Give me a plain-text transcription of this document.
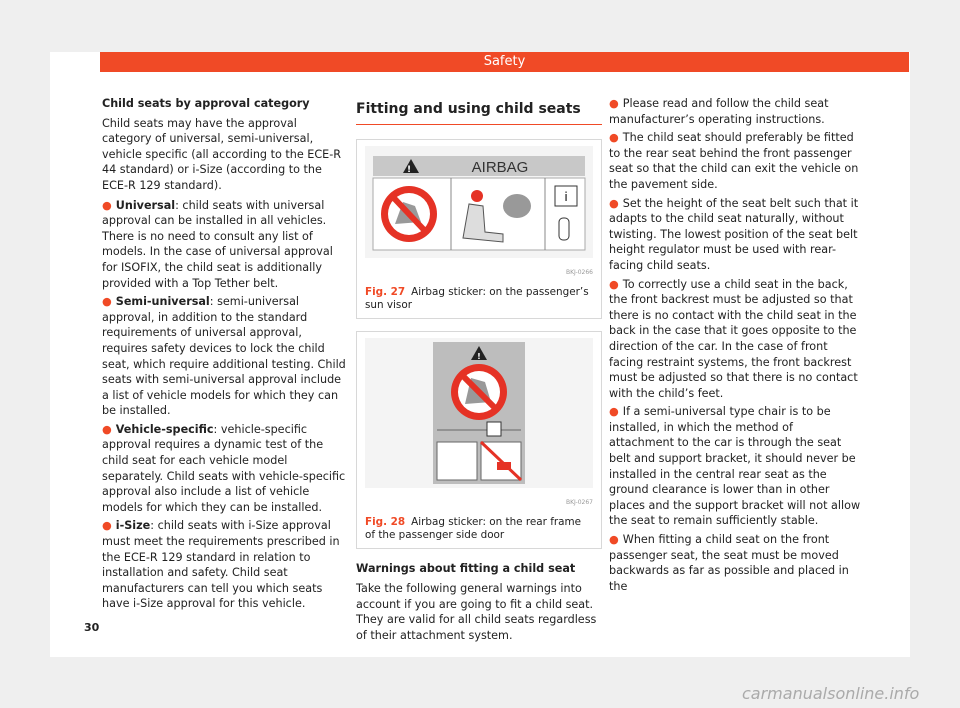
Safety
Child seats by approval category

Child seats may have the approval category of universal, semi-universal, vehicle specific (all according to the ECE-R 44 standard) or i-Size (according to the ECE-R 129 standard).

● Universal: child seats with universal approval can be installed in all vehicles. There is no need to consult any list of models. In the case of universal approval for ISOFIX, the child seat is additionally provided with a Top Tether belt.
● Semi-universal: semi-universal approval, in addition to the standard requirements of universal approval, requires safety devices to lock the child seat, which require additional testing. Child seats with semi-universal approval include a list of vehicle models for which they can be installed.
● Vehicle-specific: vehicle-specific approval requires a dynamic test of the child seat for each vehicle model separately. Child seats with vehicle-specific approval also include a list of vehicle models for which they can be installed.
● i-Size: child seats with i-Size approval must meet the requirements prescribed in the ECE-R 129 standard in relation to installation and safety. Child seat manufacturers can tell you which seats have i-Size approval for this vehicle.
Fitting and using child seats
!	AIRBAG
i
BKJ-0266
Fig. 27 Airbag sticker: on the passenger’s sun visor
!
BKJ-0267
Fig. 28 Airbag sticker: on the rear frame of the passenger side door
Warnings about fitting a child seat

Take the following general warnings into account if you are going to fit a child seat. They are valid for all child seats regardless of their attachment system.

● Please read and follow the child seat manufacturer’s operating instructions.
● The child seat should preferably be fitted to the rear seat behind the front passenger seat so that the child can exit the vehicle on the pavement side.
● Set the height of the seat belt such that it adapts to the child seat naturally, without twisting. The lowest position of the seat belt height regulator must be used with rear-facing child seats.
● To correctly use a child seat in the back, the front backrest must be adjusted so that there is no contact with the child seat in the back in the case that it goes opposite to the direction of the car. In the case of front facing restraint systems, the front backrest must be adjusted so that there is no contact with the child’s feet.
● If a semi-universal type chair is to be installed, in which the method of attachment to the car is through the seat belt and support bracket, it should never be installed in the central rear seat as the ground clearance is lower than in other places and the support bracket will not allow the seat to remain sufficiently stable.
● When fitting a child seat on the front passenger seat, the seat must be moved backwards as far as possible and placed in the
30
carmanualsonline.info
